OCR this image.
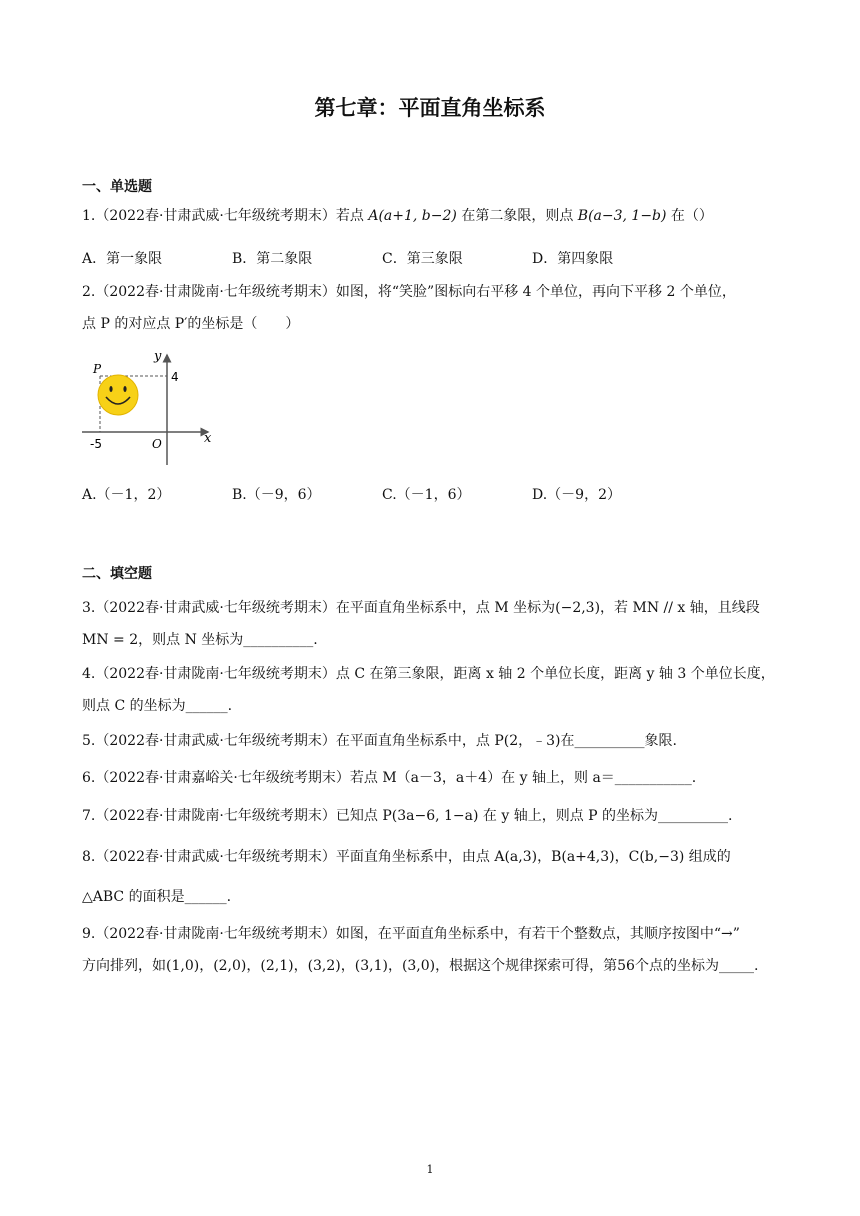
第七章：平面直角坐标系
一、单选题
1.（2022春·甘肃武威·七年级统考期末）若点 A(a+1, b−2) 在第二象限，则点 B(a−3, 1−b) 在（）
A．第一象限	B．第二象限	C．第三象限	D．第四象限
2.（2022春·甘肃陇南·七年级统考期末）如图，将“笑脸”图标向右平移 4 个单位，再向下平移 2 个单位，
点 P 的对应点 P′的坐标是（　　）
y
x
O
P
4
-5
A.（－1，2）	B.（－9，6）	C.（－1，6）	D.（－9，2）
二、填空题
3.（2022春·甘肃武威·七年级统考期末）在平面直角坐标系中，点 M 坐标为(−2,3)，若 MN // x 轴，且线段
MN = 2，则点 N 坐标为__________.
4.（2022春·甘肃陇南·七年级统考期末）点 C 在第三象限，距离 x 轴 2 个单位长度，距离 y 轴 3 个单位长度，
则点 C 的坐标为______.
5.（2022春·甘肃武威·七年级统考期末）在平面直角坐标系中，点 P(2，﹣3)在__________象限.
6.（2022春·甘肃嘉峪关·七年级统考期末）若点 M（a－3，a＋4）在 y 轴上，则 a＝___________.
7.（2022春·甘肃陇南·七年级统考期末）已知点 P(3a−6, 1−a) 在 y 轴上，则点 P 的坐标为__________.
8.（2022春·甘肃武威·七年级统考期末）平面直角坐标系中，由点 A(a,3)，B(a+4,3)，C(b,−3) 组成的
△ABC 的面积是______.
9.（2022春·甘肃陇南·七年级统考期末）如图，在平面直角坐标系中，有若干个整数点，其顺序按图中“→”
方向排列，如(1,0)，(2,0)，(2,1)，(3,2)，(3,1)，(3,0)，根据这个规律探索可得，第56个点的坐标为_____.
1
